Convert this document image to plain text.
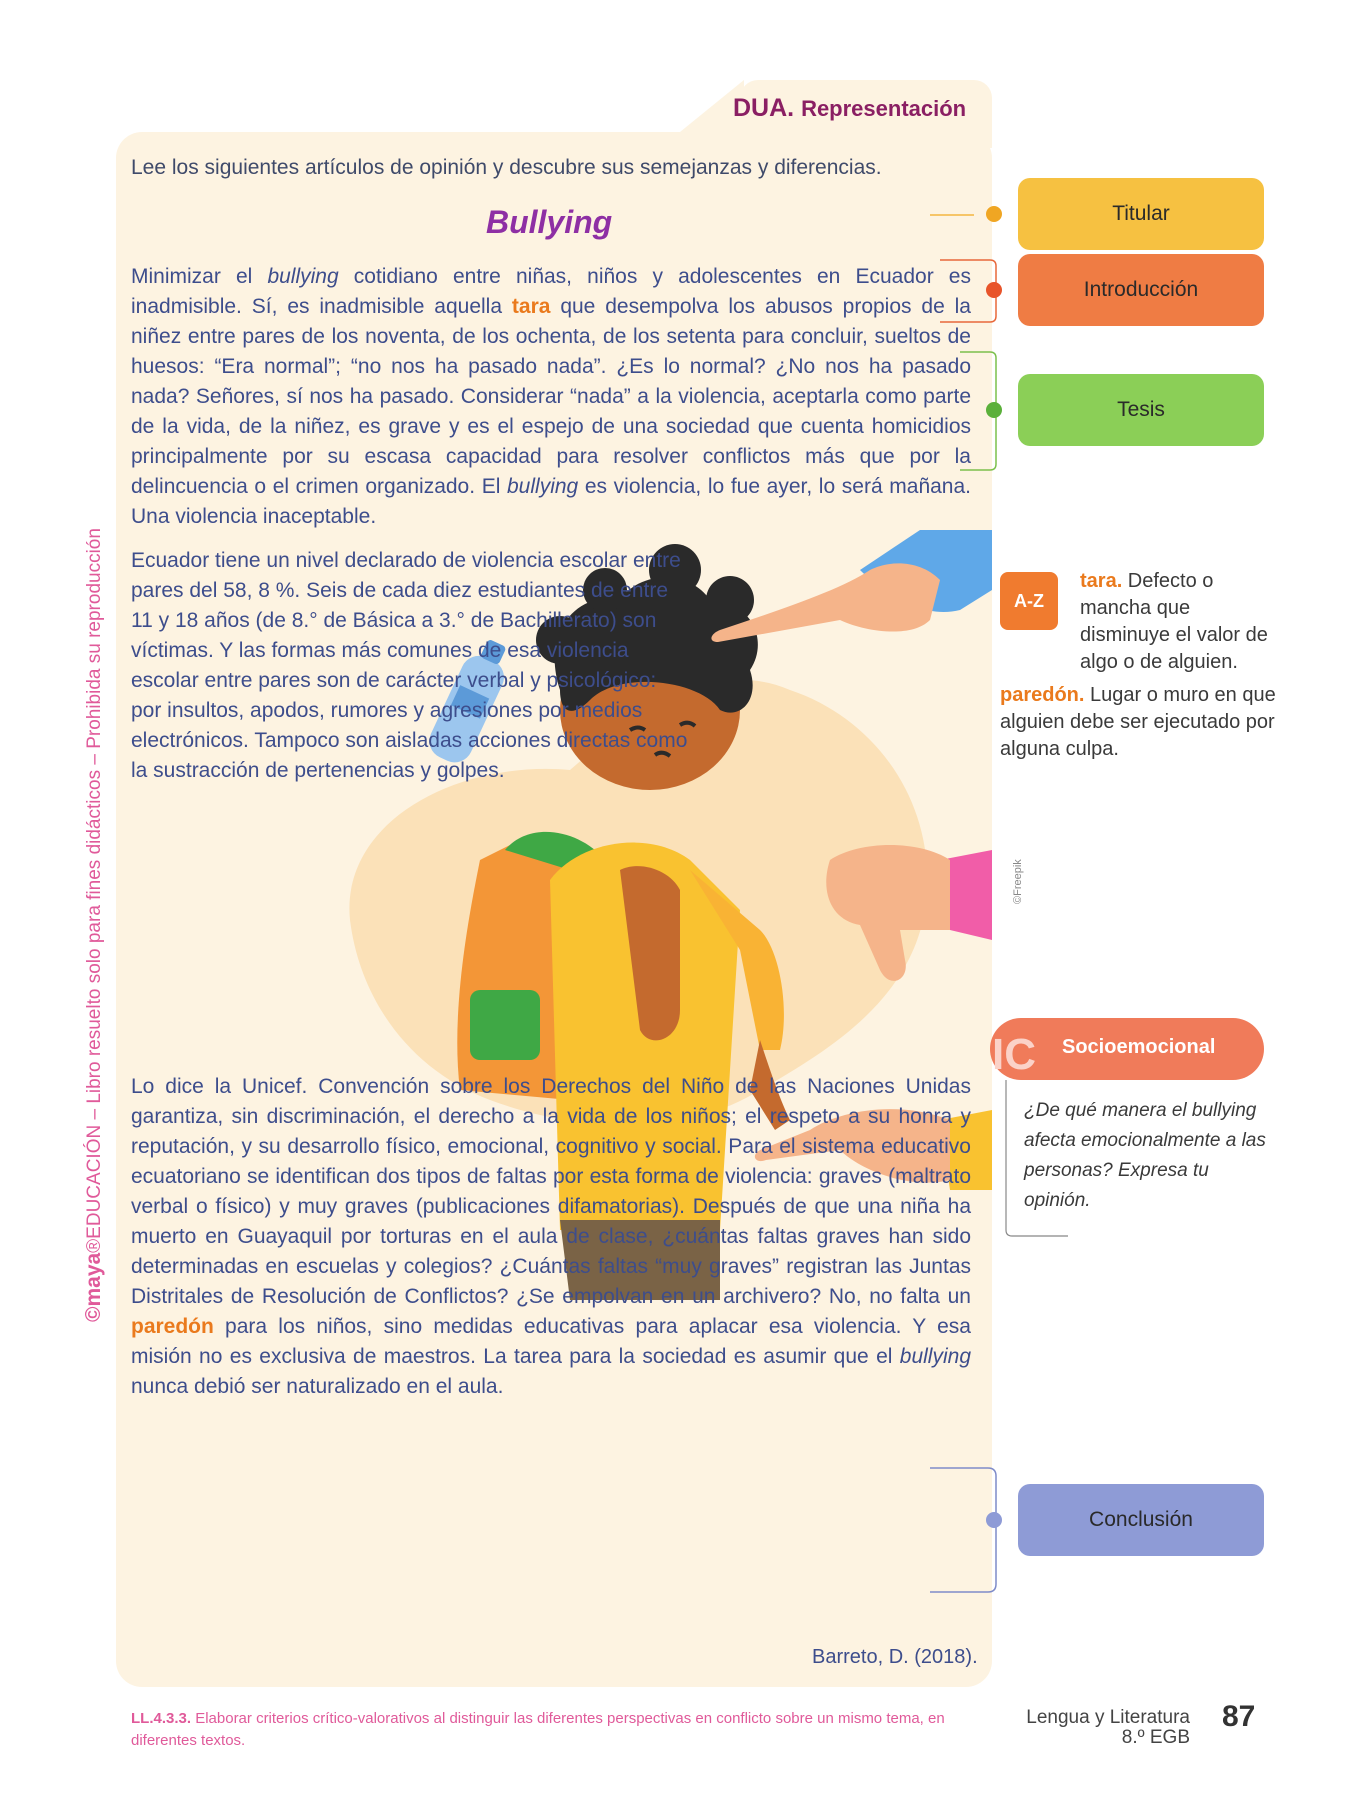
DUA. Representación
Lee los siguientes artículos de opinión y descubre sus semejanzas y diferencias.
Bullying
Minimizar el bullying cotidiano entre niñas, niños y adolescentes en Ecuador es inadmisible. Sí, es inadmisible aquella tara que desempolva los abusos propios de la niñez entre pares de los noventa, de los ochenta, de los setenta para concluir, sueltos de huesos: “Era normal”; “no nos ha pasado nada”. ¿Es lo normal? ¿No nos ha pasado nada? Señores, sí nos ha pasado. Considerar “nada” a la violencia, aceptarla como parte de la vida, de la niñez, es grave y es el espejo de una sociedad que cuenta homicidios principalmente por su escasa capacidad para resolver conflictos más que por la delincuencia o el crimen organizado. El bullying es violencia, lo fue ayer, lo será mañana. Una violencia inaceptable.
Ecuador tiene un nivel declarado de violencia escolar entre pares del 58, 8 %. Seis de cada diez estudiantes de entre 11 y 18 años (de 8.° de Básica a 3.° de Bachillerato) son víctimas. Y las formas más comunes de esa violencia escolar entre pares son de carácter verbal y psicológico: por insultos, apodos, rumores y agresiones por medios electrónicos. Tampoco son aisladas acciones directas como la sustracción de pertenencias y golpes.
Lo dice la Unicef. Convención sobre los Derechos del Niño de las Naciones Unidas garantiza, sin discriminación, el derecho a la vida de los niños; el respeto a su honra y reputación, y su desarrollo físico, emocional, cognitivo y social. Para el sistema educativo ecuatoriano se identifican dos tipos de faltas por esta forma de violencia: graves (maltrato verbal o físico) y muy graves (publicaciones difamatorias). Después de que una niña ha muerto en Guayaquil por torturas en el aula de clase, ¿cuántas faltas graves han sido determinadas en escuelas y colegios? ¿Cuántas faltas “muy graves” registran las Juntas Distritales de Resolución de Conflictos? ¿Se empolvan en un archivero? No, no falta un paredón para los niños, sino medidas educativas para aplacar esa violencia. Y esa misión no es exclusiva de maestros. La tarea para la sociedad es asumir que el bullying nunca debió ser naturalizado en el aula.
Barreto, D. (2018).
Titular
Introducción
Tesis
Conclusión
A-Z
tara. Defecto o mancha que disminuye el valor de algo o de alguien.
paredón. Lugar o muro en que alguien debe ser ejecutado por alguna culpa.
Socioemocional
IC
¿De qué manera el bullying afecta emocionalmente a las personas? Expresa tu opinión.
©maya®EDUCACIÓN – Libro resuelto solo para fines didácticos – Prohibida su reproducción	©Freepik
LL.4.3.3. Elaborar criterios crítico-valorativos al distinguir las diferentes perspectivas en conflicto sobre un mismo tema, en diferentes textos.
Lengua y Literatura
8.º EGB
87
